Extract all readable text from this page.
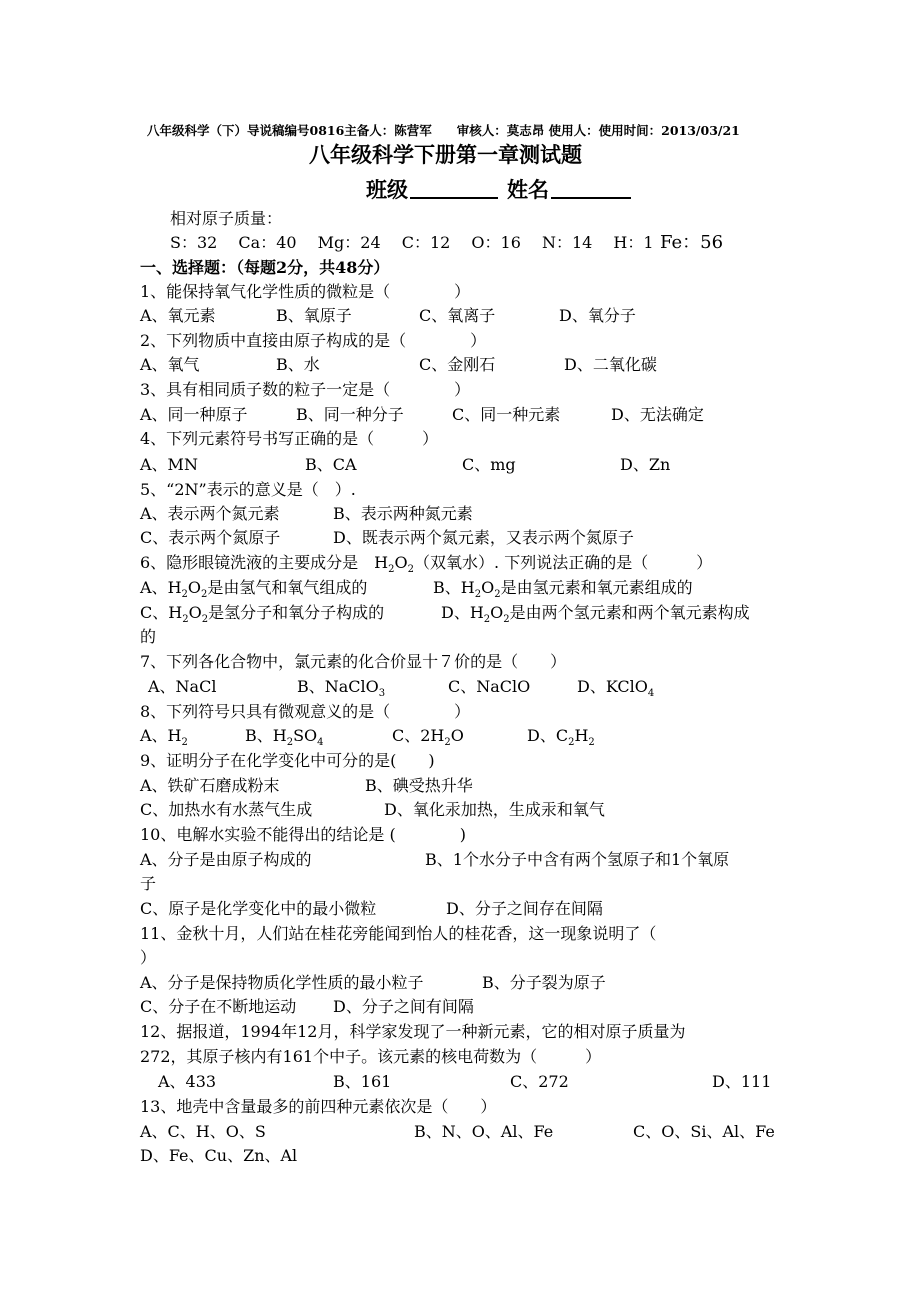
八年级科学（下）导说稿编号0816主备人：陈营军　　审核人：莫志昂 使用人：使用时间：2013/03/21
八年级科学下册第一章测试题
班级	姓名
相对原子质量：
S：32　 Ca：40　 Mg：24　 C：12　 O：16　 N：14　 H：1 Fe：56
一、选择题：（每题2分，共48分）
1、能保持氧气化学性质的微粒是（　　　　）
A、氧元素	B、氧原子	C、氧离子	D、氧分子
2、下列物质中直接由原子构成的是（　　　　）
A、氧气	B、水	C、金刚石	D、二氧化碳
3、具有相同质子数的粒子一定是（　　　　）
A、同一种原子	B、同一种分子	C、同一种元素	D、无法确定
4、下列元素符号书写正确的是（　　　）
A、MN	B、CA	C、mg	D、Zn
5、“2N”表示的意义是（　）.
A、表示两个氮元素	B、表示两种氮元素
C、表示两个氮原子	D、既表示两个氮元素，又表示两个氮原子
6、隐形眼镜洗液的主要成分是　$H_2O_2$（双氧水）. 下列说法正确的是（　　　）
A、$H_2O_2$是由氢气和氧气组成的	B、$H_2O_2$是由氢元素和氧元素组成的
C、$H_2O_2$是氢分子和氧分子构成的	D、$H_2O_2$是由两个氢元素和两个氧元素构成
的
7、下列各化合物中，氯元素的化合价显十７价的是（　　）
A、NaCl	B、NaClO$_3$	C、NaClO	D、KClO$_4$
8、下列符号只具有微观意义的是（　　　　）
A、$H_2$	B、$H_2SO_4$	C、$2H_2O$	D、$C_2H_2$
9、证明分子在化学变化中可分的是(　　)
A、铁矿石磨成粉末	B、碘受热升华
C、加热水有水蒸气生成	D、氧化汞加热，生成汞和氧气
10、电解水实验不能得出的结论是 (　　　　)
A、分子是由原子构成的	B、1个水分子中含有两个氢原子和1个氧原
子
C、原子是化学变化中的最小微粒	D、分子之间存在间隔
11、金秋十月，人们站在桂花旁能闻到怡人的桂花香，这一现象说明了（
）
A、分子是保持物质化学性质的最小粒子	B、分子裂为原子
C、分子在不断地运动 D、分子之间有间隔
12、据报道，1994年12月，科学家发现了一种新元素，它的相对原子质量为
272，其原子核内有161个中子。该元素的核电荷数为（　　　）
A、433	B、161	C、272	D、111
13、地壳中含量最多的前四种元素依次是（　　）
A、C、H、O、S	B、N、O、Al、Fe	C、O、Si、Al、Fe
D、Fe、Cu、Zn、Al
